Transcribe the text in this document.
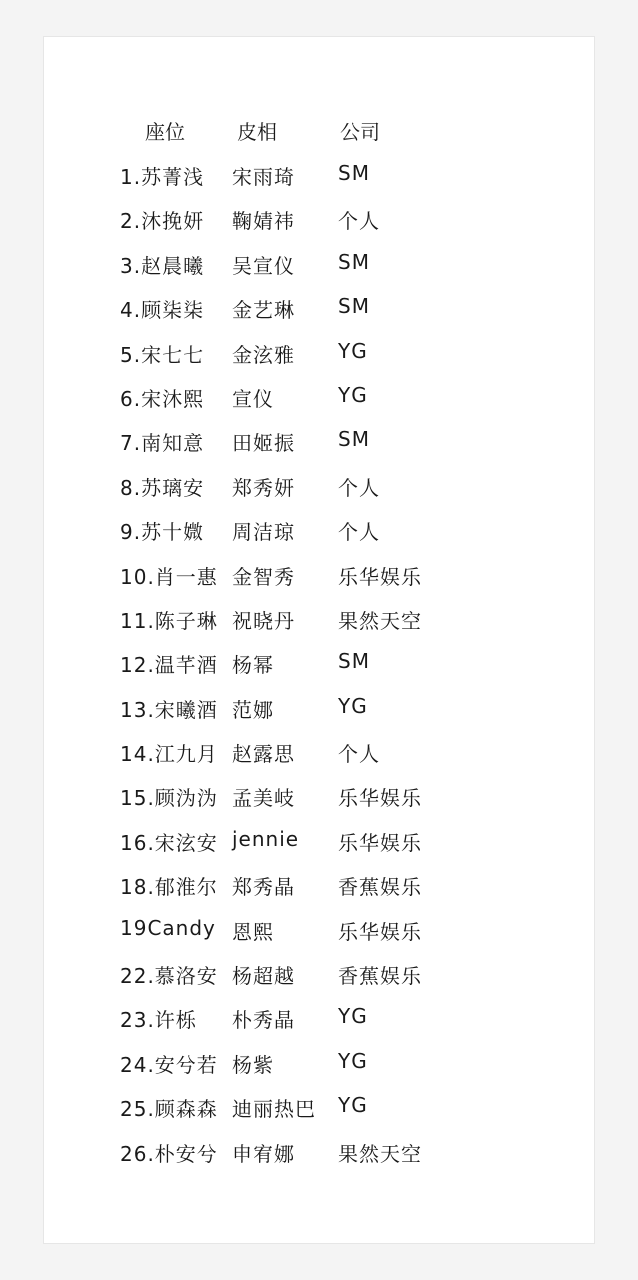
座位	皮相	公司
1.苏菁浅 宋雨琦 SM
2.沐挽妍 鞠婧祎 个人
3.赵晨曦 吴宣仪 SM
4.顾柒柒 金艺琳 SM
5.宋七七 金泫雅 YG
6.宋沐熙 宣仪	YG
7.南知意 田姬振 SM
8.苏璃安 郑秀妍 个人
9.苏十媺 周洁琼 个人
10.肖一惠 金智秀 乐华娱乐
11.陈子琳 祝晓丹 果然天空
12.温芊酒 杨幂	SM
13.宋曦酒 范娜	YG
14.江九月 赵露思 个人
15.顾沩沩 孟美岐 乐华娱乐
16.宋泫安 jennie 乐华娱乐
18.郁淮尔 郑秀晶 香蕉娱乐
19Candy 恩熙	乐华娱乐
22.慕洛安 杨超越 香蕉娱乐
23.许栎 朴秀晶 YG
24.安兮若 杨紫	YG
25.顾森森 迪丽热巴 YG
26.朴安兮 申宥娜 果然天空
